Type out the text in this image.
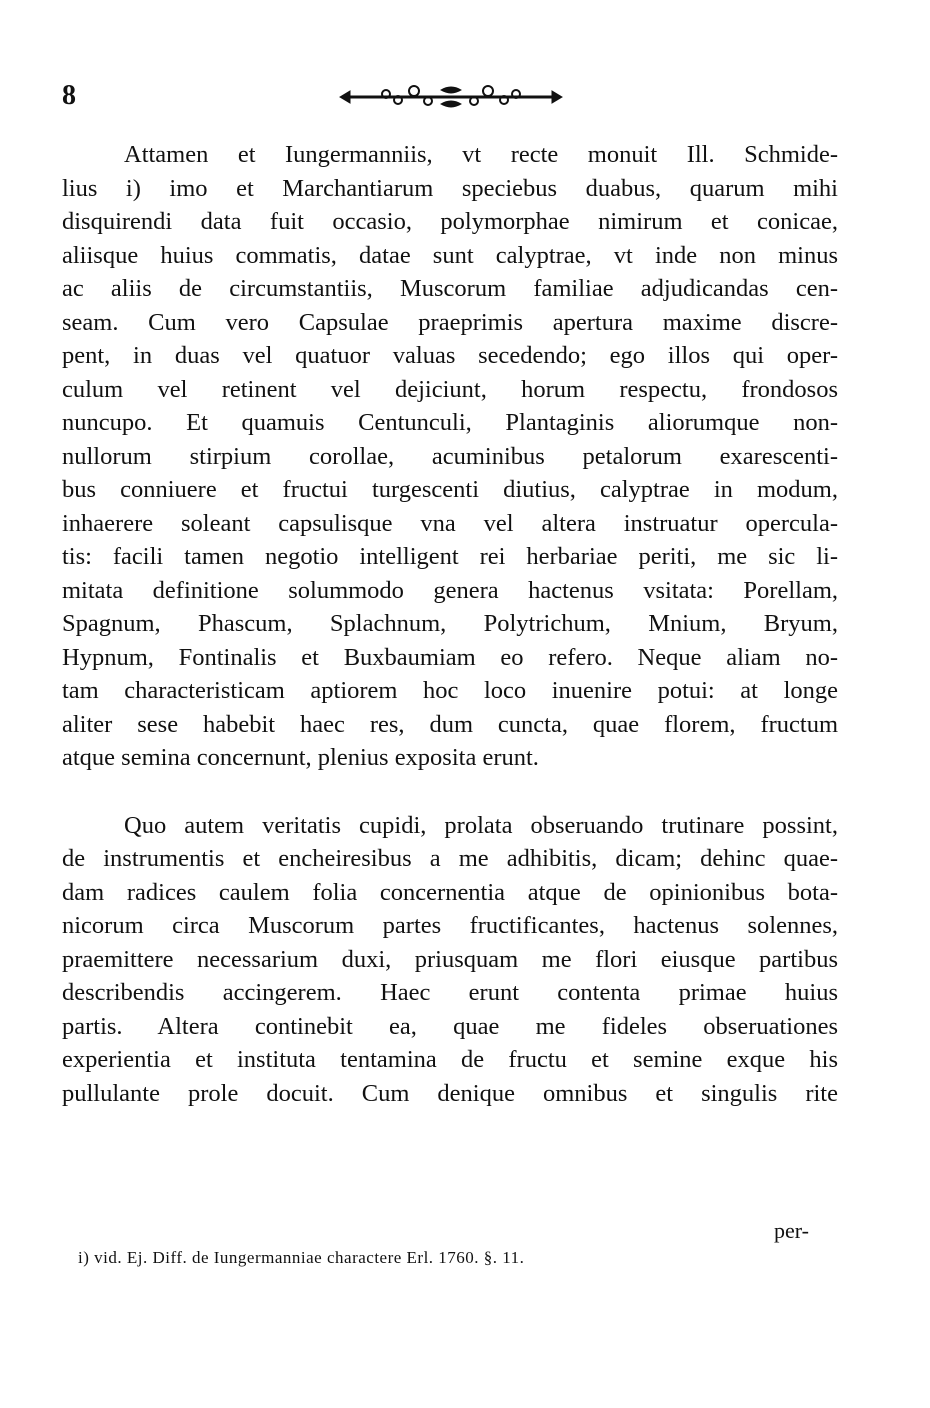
8
Attamen et Iungermanniis, vt recte monuit Ill. Schmide-
lius i) imo et Marchantiarum speciebus duabus, quarum mihi
disquirendi data fuit occasio, polymorphae nimirum et conicae,
aliisque huius commatis, datae sunt calyptrae, vt inde non minus
ac aliis de circumstantiis, Muscorum familiae adjudicandas cen-
seam. Cum vero Capsulae praeprimis apertura maxime discre-
pent, in duas vel quatuor valuas secedendo; ego illos qui oper-
culum vel retinent vel dejiciunt, horum respectu, frondosos
nuncupo. Et quamuis Centunculi, Plantaginis aliorumque non-
nullorum stirpium corollae, acuminibus petalorum exarescenti-
bus conniuere et fructui turgescenti diutius, calyptrae in modum,
inhaerere soleant capsulisque vna vel altera instruatur opercula-
tis: facili tamen negotio intelligent rei herbariae periti, me sic li-
mitata definitione solummodo genera hactenus vsitata: Porellam,
Spagnum, Phascum, Splachnum, Polytrichum, Mnium, Bryum,
Hypnum, Fontinalis et Buxbaumiam eo refero. Neque aliam no-
tam characteristicam aptiorem hoc loco inuenire potui: at longe
aliter sese habebit haec res, dum cuncta, quae florem, fructum
atque semina concernunt, plenius exposita erunt.
Quo autem veritatis cupidi, prolata obseruando trutinare possint,
de instrumentis et encheiresibus a me adhibitis, dicam; dehinc quae-
dam radices caulem folia concernentia atque de opinionibus bota-
nicorum circa Muscorum partes fructificantes, hactenus solennes,
praemittere necessarium duxi, priusquam me flori eiusque partibus
describendis accingerem. Haec erunt contenta primae huius
partis. Altera continebit ea, quae me fideles obseruationes
experientia et instituta tentamina de fructu et semine exque his
pullulante prole docuit. Cum denique omnibus et singulis rite
per-
i) vid. Ej. Diff. de Iungermanniae charactere Erl. 1760. §. 11.
